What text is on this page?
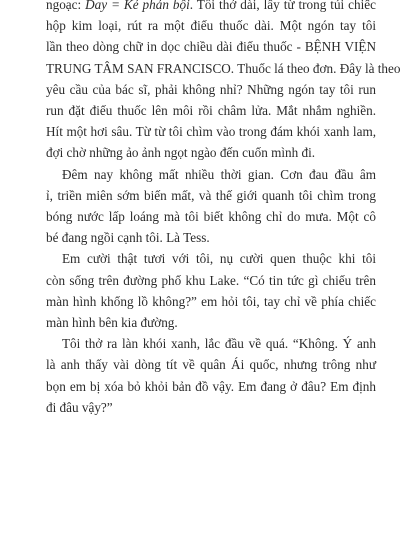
ngoạc: Day = Kẻ phản bội. Tôi thở dài, lấy từ trong túi chiếc
hộp kim loại, rút ra một điếu thuốc dài. Một ngón tay tôi
lần theo dòng chữ in dọc chiều dài điếu thuốc - BỆNH VIỆN
TRUNG TÂM SAN FRANCISCO. Thuốc lá theo đơn. Đây là theo
yêu cầu của bác sĩ, phải không nhỉ? Những ngón tay tôi run
run đặt điếu thuốc lên môi rồi châm lửa. Mắt nhắm nghiền.
Hít một hơi sâu. Từ từ tôi chìm vào trong đám khói xanh lam,
đợi chờ những ảo ảnh ngọt ngào đến cuốn mình đi.
Đêm nay không mất nhiều thời gian. Cơn đau đầu âm
ỉ, triền miên sớm biến mất, và thế giới quanh tôi chìm trong
bóng nước lấp loáng mà tôi biết không chỉ do mưa. Một cô
bé đang ngồi cạnh tôi. Là Tess.
Em cười thật tươi với tôi, nụ cười quen thuộc khi tôi
còn sống trên đường phố khu Lake. “Có tin tức gì chiếu trên
màn hình khổng lồ không?” em hỏi tôi, tay chỉ về phía chiếc
màn hình bên kia đường.
Tôi thở ra làn khói xanh, lắc đầu về quá. “Không. Ý anh
là anh thấy vài dòng tít về quân Ái quốc, nhưng trông như
bọn em bị xóa bỏ khỏi bản đồ vậy. Em đang ở đâu? Em định
đi đâu vậy?”
